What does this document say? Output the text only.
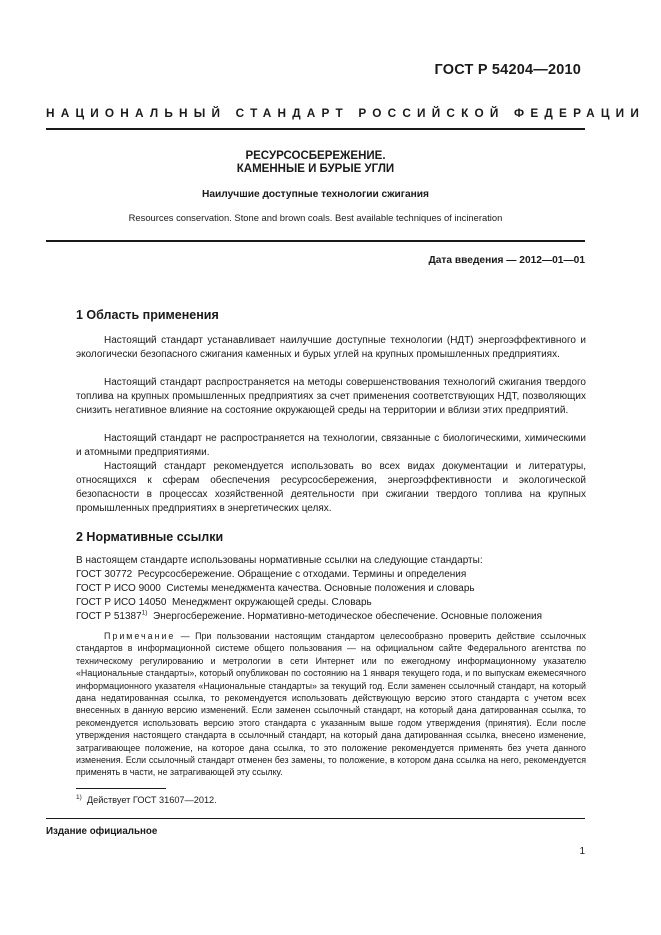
ГОСТ Р 54204—2010
НАЦИОНАЛЬНЫЙ СТАНДАРТ РОССИЙСКОЙ ФЕДЕРАЦИИ
РЕСУРСОСБЕРЕЖЕНИЕ.
КАМЕННЫЕ И БУРЫЕ УГЛИ
Наилучшие доступные технологии сжигания
Resources conservation. Stone and brown coals. Best available techniques of incineration
Дата введения — 2012—01—01
1 Область применения

Настоящий стандарт устанавливает наилучшие доступные технологии (НДТ) энергоэффективного и экологически безопасного сжигания каменных и бурых углей на крупных промышленных предприятиях.

Настоящий стандарт распространяется на методы совершенствования технологий сжигания твердого топлива на крупных промышленных предприятиях за счет применения соответствующих НДТ, позволяющих снизить негативное влияние на состояние окружающей среды на территории и вблизи этих предприятий.

Настоящий стандарт не распространяется на технологии, связанные с биологическими, химическими и атомными предприятиями.

Настоящий стандарт рекомендуется использовать во всех видах документации и литературы, относящихся к сферам обеспечения ресурсосбережения, энергоэффективности и экологической безопасности в процессах хозяйственной деятельности при сжигании твердого топлива на крупных промышленных предприятиях в энергетических целях.

2 Нормативные ссылки
В настоящем стандарте использованы нормативные ссылки на следующие стандарты:
ГОСТ 30772 Ресурсосбережение. Обращение с отходами. Термины и определения
ГОСТ Р ИСО 9000 Системы менеджмента качества. Основные положения и словарь
ГОСТ Р ИСО 14050 Менеджмент окружающей среды. Словарь
ГОСТ Р 51387$^{1)}$ Энергосбережение. Нормативно-методическое обеспечение. Основные положения

Примечание — При пользовании настоящим стандартом целесообразно проверить действие ссылочных стандартов в информационной системе общего пользования — на официальном сайте Федерального агентства по техническому регулированию и метрологии в сети Интернет или по ежегодному информационному указателю «Национальные стандарты», который опубликован по состоянию на 1 января текущего года, и по выпускам ежемесячного информационного указателя «Национальные стандарты» за текущий год. Если заменен ссылочный стандарт, на который дана недатированная ссылка, то рекомендуется использовать действующую версию этого стандарта с учетом всех внесенных в данную версию изменений. Если заменен ссылочный стандарт, на который дана датированная ссылка, то рекомендуется использовать версию этого стандарта с указанным выше годом утверждения (принятия). Если после утверждения настоящего стандарта в ссылочный стандарт, на который дана датированная ссылка, внесено изменение, затрагивающее положение, на которое дана ссылка, то это положение рекомендуется применять без учета данного изменения. Если ссылочный стандарт отменен без замены, то положение, в котором дана ссылка на него, рекомендуется применять в части, не затрагивающей эту ссылку.

$^{1)}$ Действует ГОСТ 31607—2012.
Издание официальное
1
